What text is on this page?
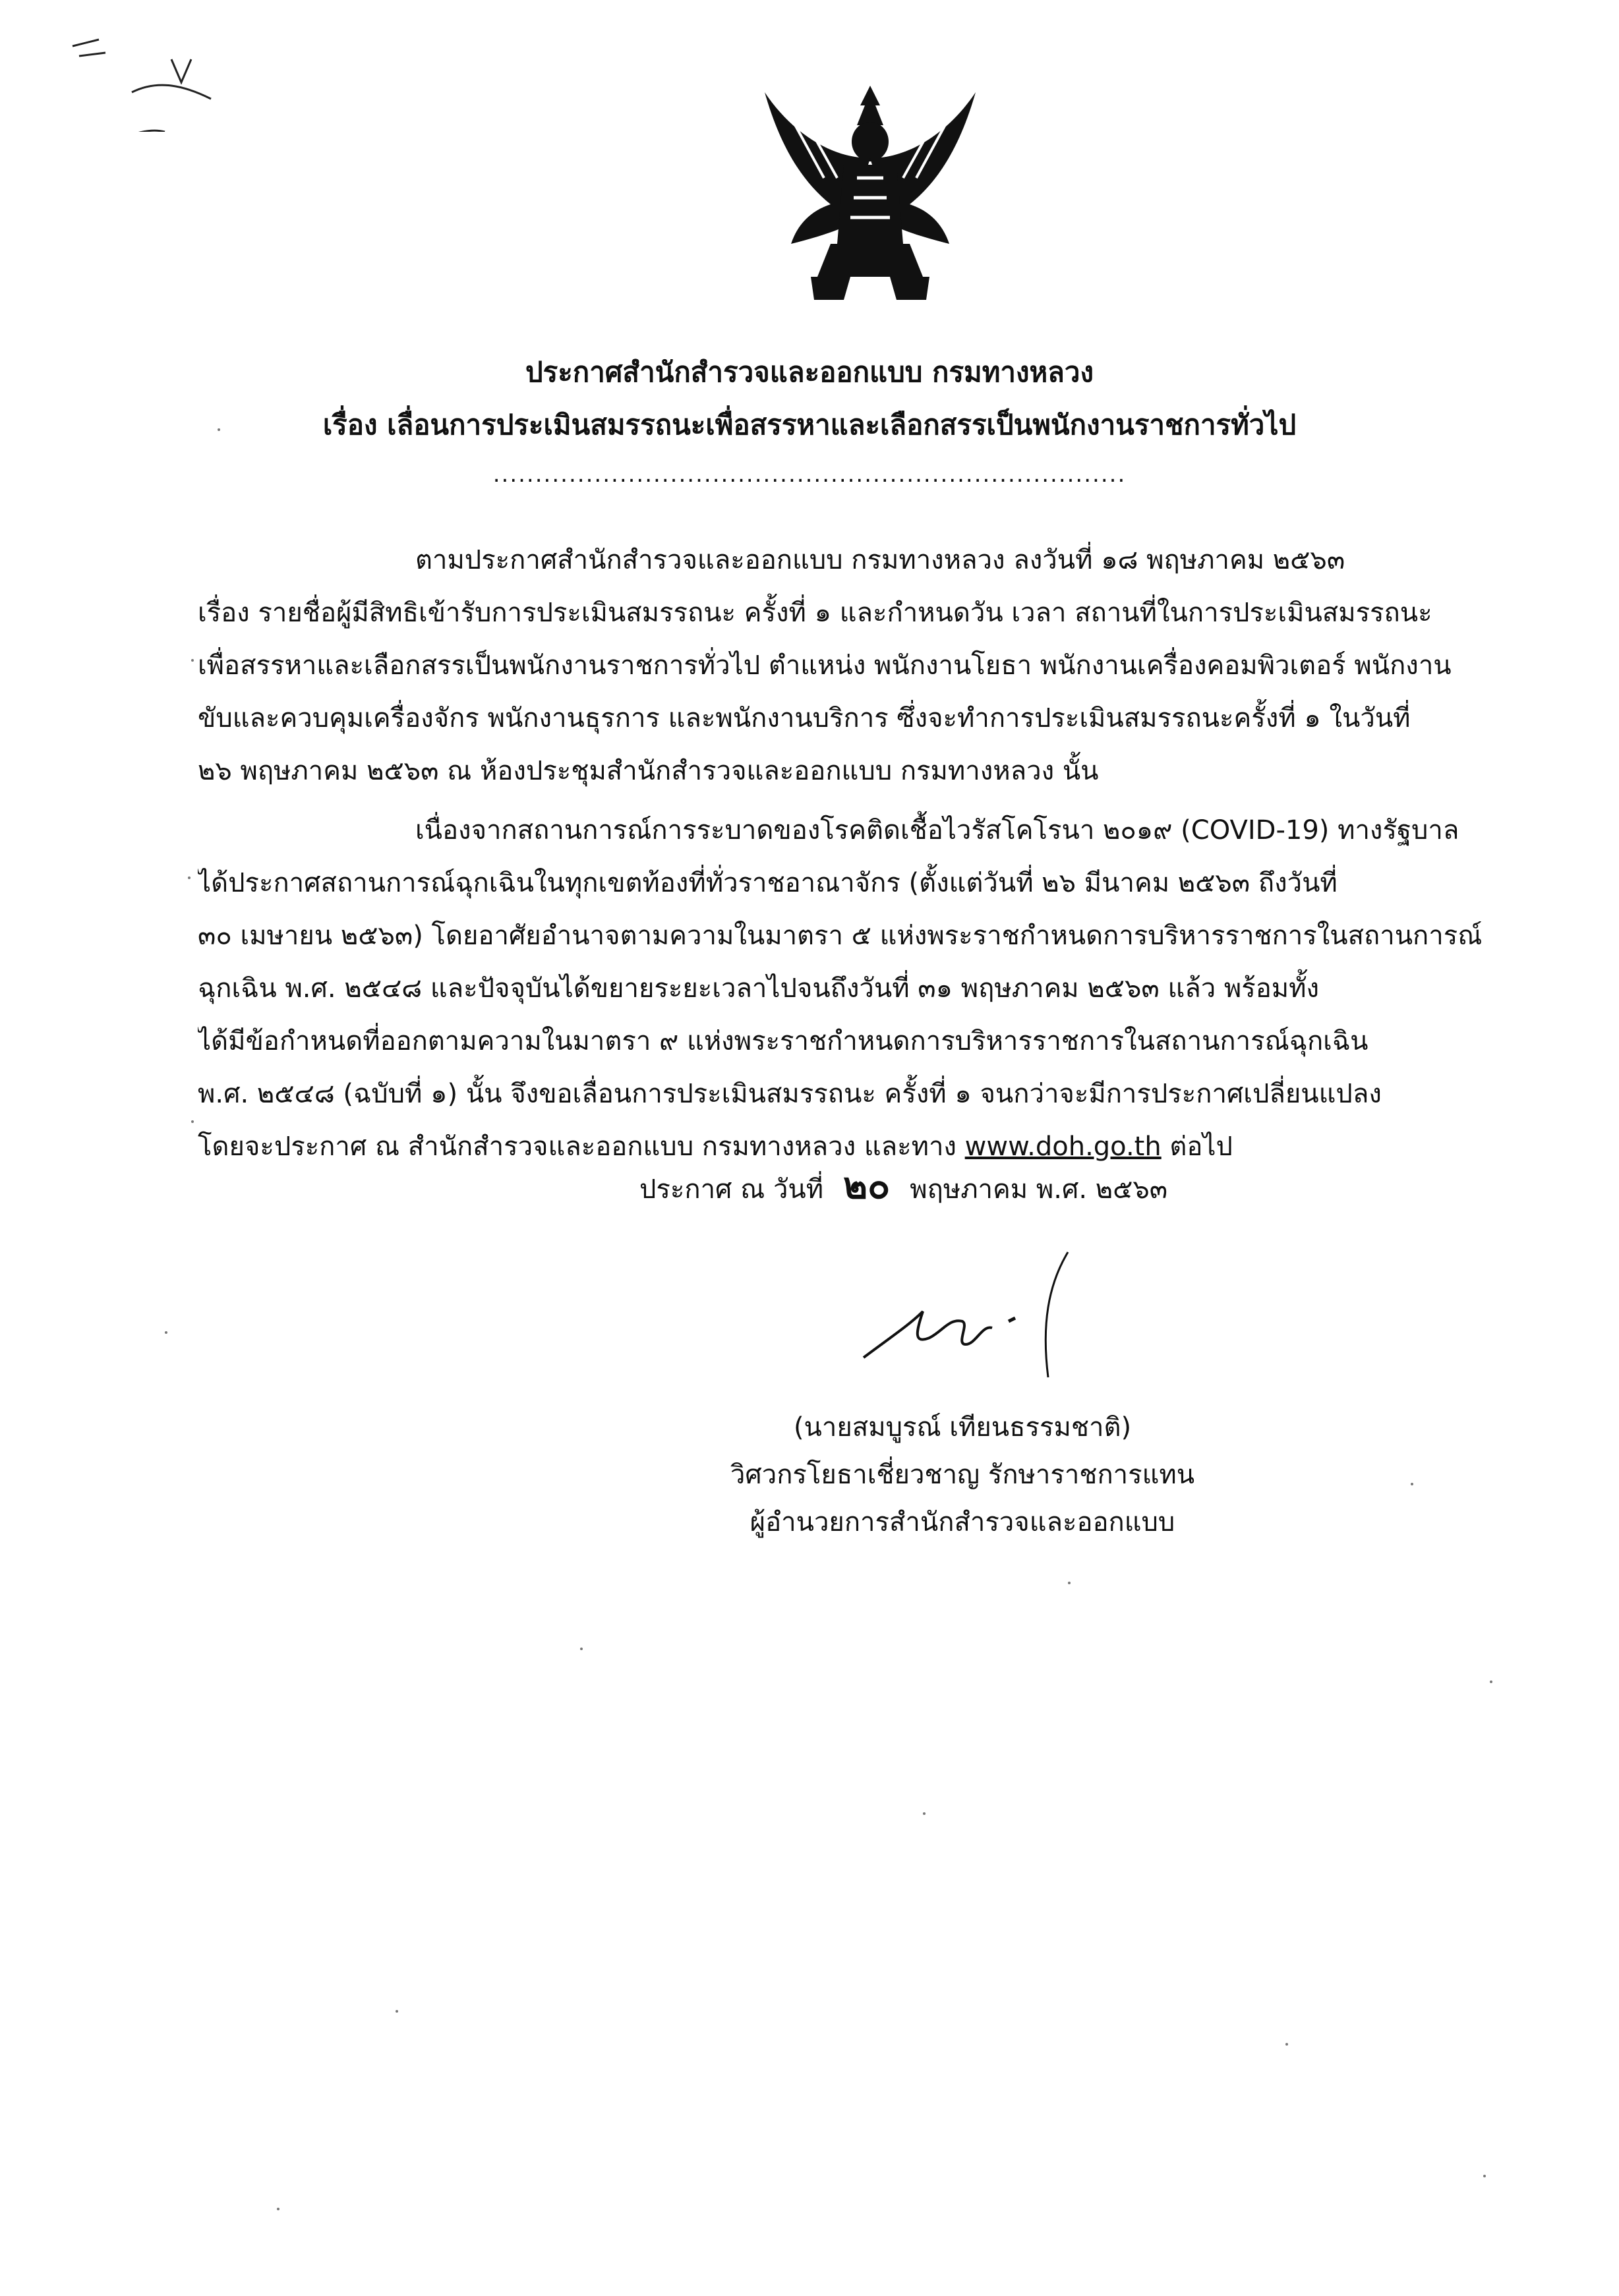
ประกาศสำนักสำรวจและออกแบบ กรมทางหลวง
เรื่อง เลื่อนการประเมินสมรรถนะเพื่อสรรหาและเลือกสรรเป็นพนักงานราชการทั่วไป
...........................................................................
ตามประกาศสำนักสำรวจและออกแบบ กรมทางหลวง ลงวันที่ ๑๘ พฤษภาคม ๒๕๖๓
เรื่อง รายชื่อผู้มีสิทธิเข้ารับการประเมินสมรรถนะ ครั้งที่ ๑ และกำหนดวัน เวลา สถานที่ในการประเมินสมรรถนะ
เพื่อสรรหาและเลือกสรรเป็นพนักงานราชการทั่วไป ตำแหน่ง พนักงานโยธา พนักงานเครื่องคอมพิวเตอร์ พนักงาน
ขับและควบคุมเครื่องจักร พนักงานธุรการ และพนักงานบริการ ซึ่งจะทำการประเมินสมรรถนะครั้งที่ ๑ ในวันที่
๒๖ พฤษภาคม ๒๕๖๓ ณ ห้องประชุมสำนักสำรวจและออกแบบ กรมทางหลวง นั้น
เนื่องจากสถานการณ์การระบาดของโรคติดเชื้อไวรัสโคโรนา ๒๐๑๙ (COVID-19) ทางรัฐบาล
ได้ประกาศสถานการณ์ฉุกเฉินในทุกเขตท้องที่ทั่วราชอาณาจักร (ตั้งแต่วันที่ ๒๖ มีนาคม ๒๕๖๓ ถึงวันที่
๓๐ เมษายน ๒๕๖๓) โดยอาศัยอำนาจตามความในมาตรา ๕ แห่งพระราชกำหนดการบริหารราชการในสถานการณ์
ฉุกเฉิน พ.ศ. ๒๕๔๘ และปัจจุบันได้ขยายระยะเวลาไปจนถึงวันที่ ๓๑ พฤษภาคม ๒๕๖๓ แล้ว พร้อมทั้ง
ได้มีข้อกำหนดที่ออกตามความในมาตรา ๙ แห่งพระราชกำหนดการบริหารราชการในสถานการณ์ฉุกเฉิน
พ.ศ. ๒๕๔๘ (ฉบับที่ ๑) นั้น จึงขอเลื่อนการประเมินสมรรถนะ ครั้งที่ ๑ จนกว่าจะมีการประกาศเปลี่ยนแปลง
โดยจะประกาศ ณ สำนักสำรวจและออกแบบ กรมทางหลวง และทาง www.doh.go.th ต่อไป
ประกาศ ณ วันที่ ๒๐ พฤษภาคม พ.ศ. ๒๕๖๓
(นายสมบูรณ์ เทียนธรรมชาติ)
วิศวกรโยธาเชี่ยวชาญ รักษาราชการแทน
ผู้อำนวยการสำนักสำรวจและออกแบบ
